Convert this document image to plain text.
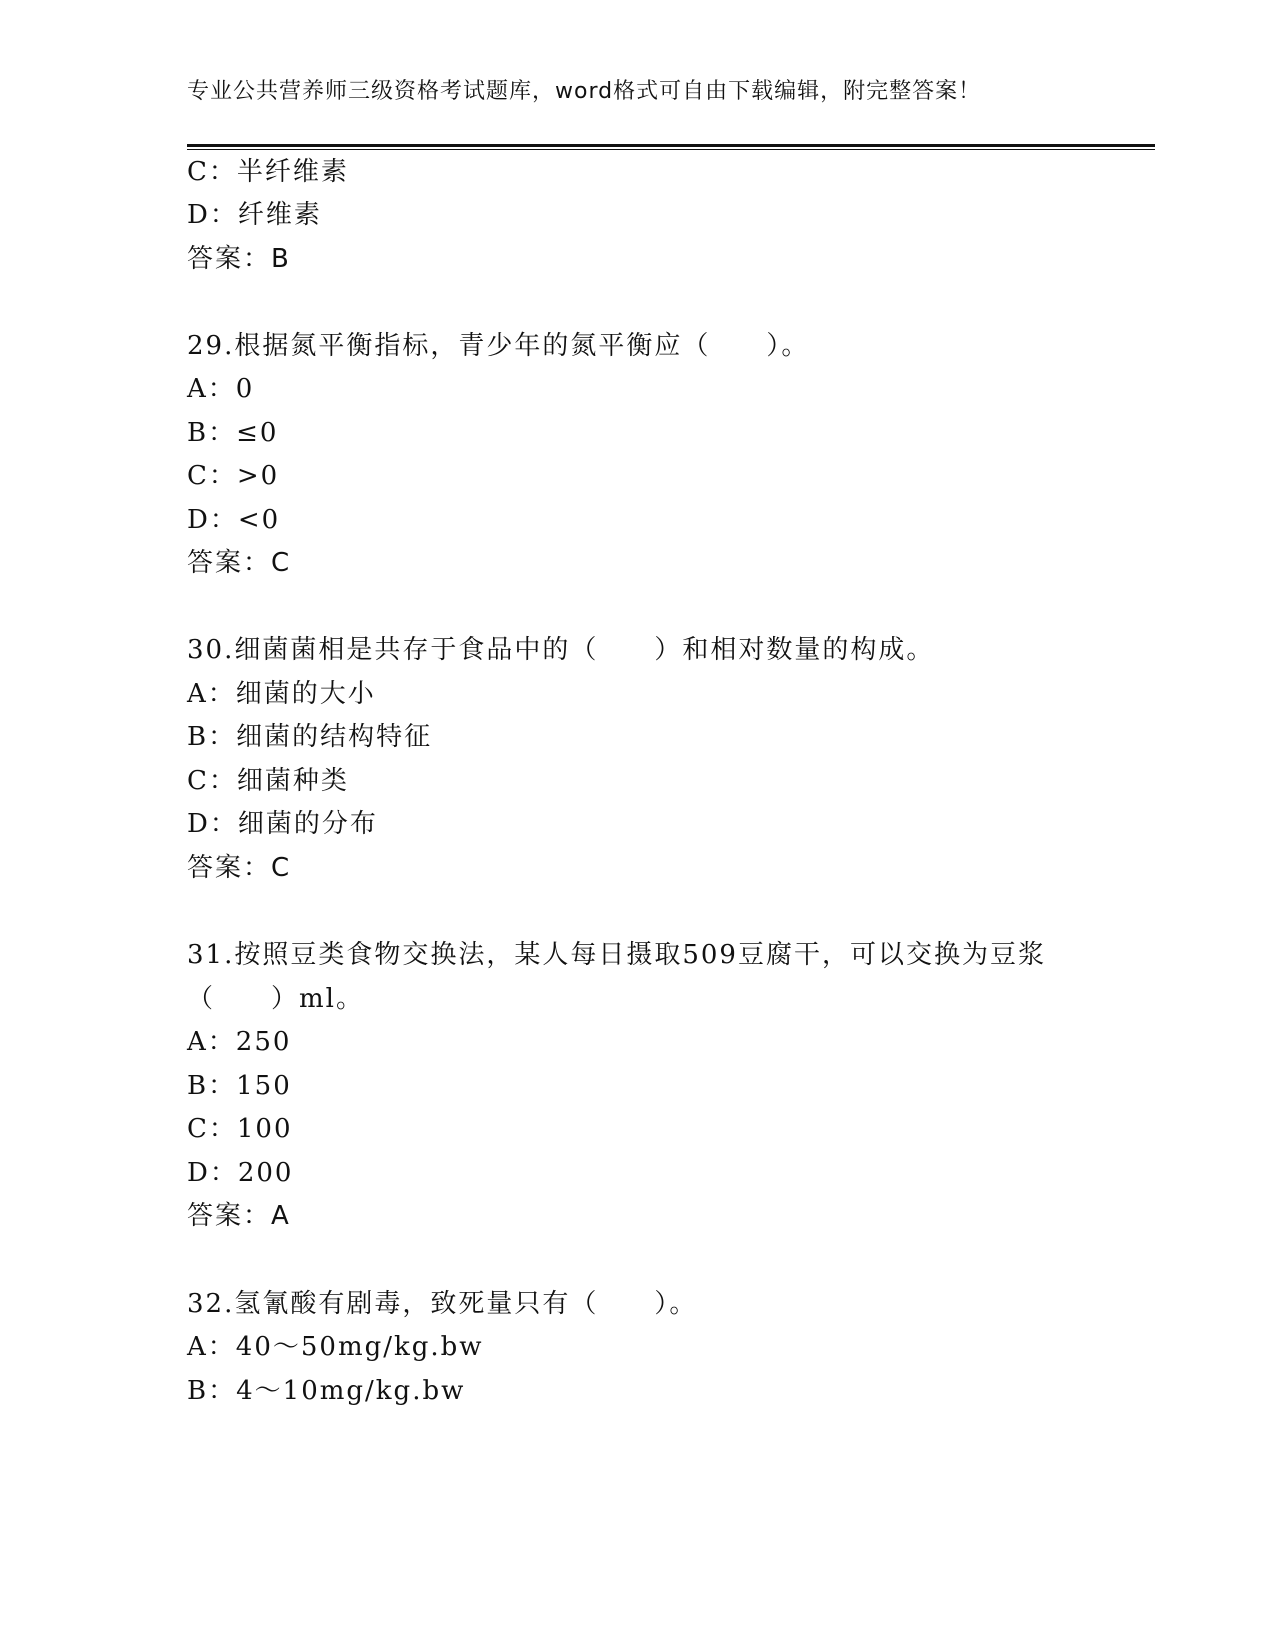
专业公共营养师三级资格考试题库，word格式可自由下载编辑，附完整答案！
C：半纤维素
D：纤维素
答案：B
29.根据氮平衡指标，青少年的氮平衡应（　　）。
A：0
B：≤0
C：>0
D：<0
答案：C
30.细菌菌相是共存于食品中的（　　）和相对数量的构成。
A：细菌的大小
B：细菌的结构特征
C：细菌种类
D：细菌的分布
答案：C
31.按照豆类食物交换法，某人每日摄取509豆腐干，可以交换为豆浆
（　　）ml。
A：250
B：150
C：100
D：200
答案：A
32.氢氰酸有剧毒，致死量只有（　　）。
A：40～50mg/kg.bw
B：4～10mg/kg.bw
